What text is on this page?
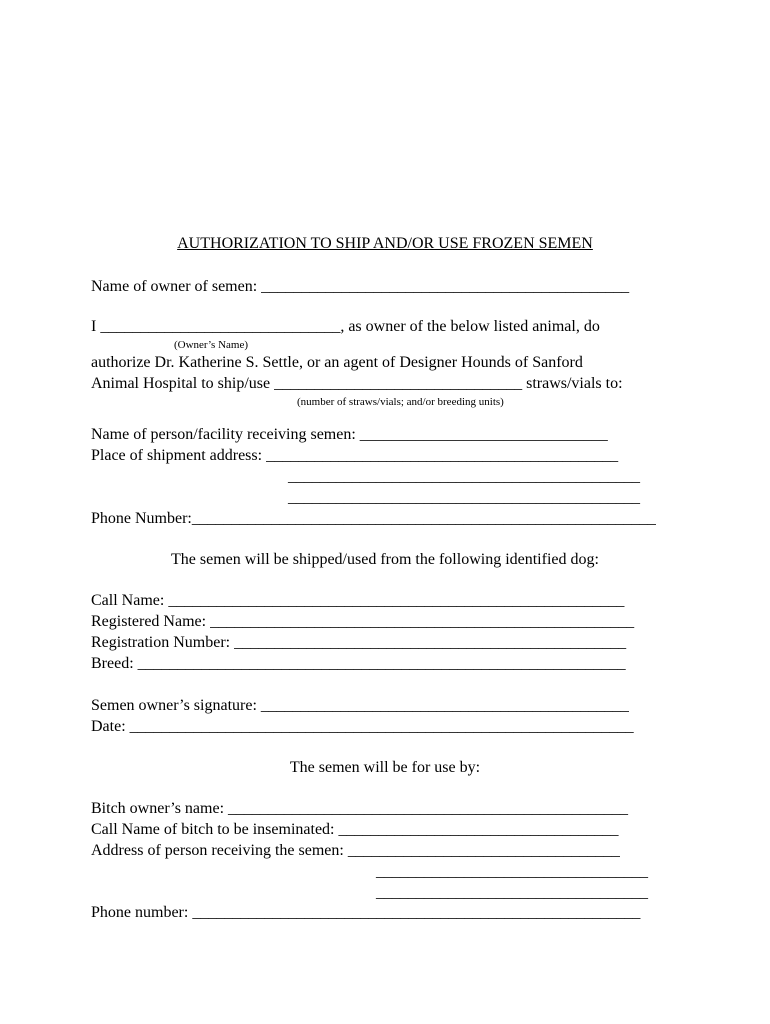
AUTHORIZATION TO SHIP AND/OR USE FROZEN SEMEN
Name of owner of semen: ______________________________________________
I ______________________________, as owner of the below listed animal, do
(Owner’s Name)
authorize Dr. Katherine S. Settle, or an agent of Designer Hounds of Sanford
Animal Hospital to ship/use _______________________________ straws/vials to:
(number of straws/vials; and/or breeding units)
Name of person/facility receiving semen: _______________________________
Place of shipment address: ____________________________________________
____________________________________________
____________________________________________
Phone Number:__________________________________________________________
The semen will be shipped/used from the following identified dog:
Call Name: _________________________________________________________
Registered Name: _____________________________________________________
Registration Number: _________________________________________________
Breed: _____________________________________________________________
Semen owner’s signature: ______________________________________________
Date: _______________________________________________________________
The semen will be for use by:
Bitch owner’s name: __________________________________________________
Call Name of bitch to be inseminated: ___________________________________
Address of person receiving the semen: __________________________________
__________________________________
__________________________________
Phone number: ________________________________________________________
